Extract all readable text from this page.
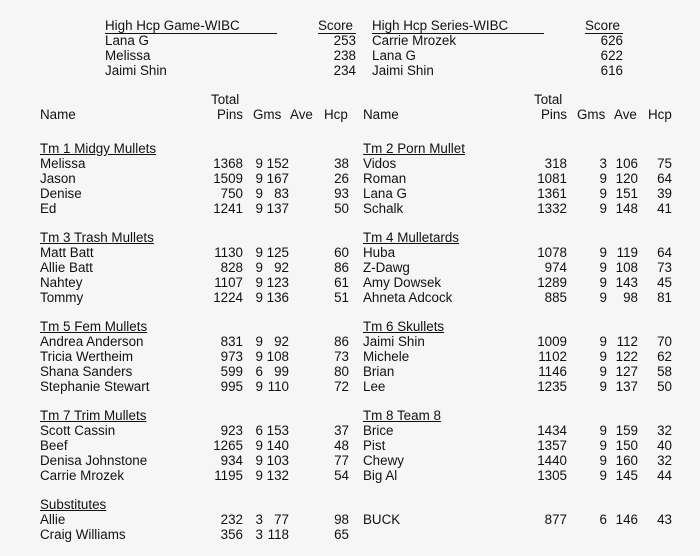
High Hcp Game-WIBC	Score High Hcp Series-WIBC	Score
Lana G	253
Melissa	238
Jaimi Shin	234
Carrie Mrozek	626
Lana G	622
Jaimi Shin	616
Total
Name	Pins Gms Ave Hcp
Total
Name	Pins Gms Ave Hcp
Tm 1 Midgy Mullets
Melissa	1368 9 152	38
Jason	1509 9 167	26
Denise	750 9 83	93
Ed	1241 9 137	50
Tm 3 Trash Mullets
Matt Batt	1130 9 125	60
Allie Batt	828 9 92	86
Nahtey	1107 9 123	61
Tommy	1224 9 136	51
Tm 5 Fem Mullets
Andrea Anderson	831 9 92	86
Tricia Wertheim	973 9 108	73
Shana Sanders	599 6 99	80
Stephanie Stewart	995 9 110	72
Tm 7 Trim Mullets
Scott Cassin	923 6 153	37
Beef	1265 9 140	48
Denisa Johnstone	934 9 103	77
Carrie Mrozek	1195 9 132	54
Substitutes
Allie	232 3 77	98
Craig Williams	356 3 118	65
Tm 2 Porn Mullet
Vidos	318	3 106	75
Roman	1081	9 120	64
Lana G	1361	9 151	39
Schalk	1332	9 148	41
Tm 4 Mulletards
Huba	1078	9 119	64
Z-Dawg	974	9 108	73
Amy Dowsek	1289	9 143	45
Ahneta Adcock	885	9	98	81
Tm 6 Skullets
Jaimi Shin	1009	9 112	70
Michele	1102	9 122	62
Brian	1146	9 127	58
Lee	1235	9 137	50
Tm 8 Team 8
Brice	1434	9 159	32
Pist	1357	9 150	40
Chewy	1440	9 160	32
Big Al	1305	9 145	44
BUCK	877	6 146	43
